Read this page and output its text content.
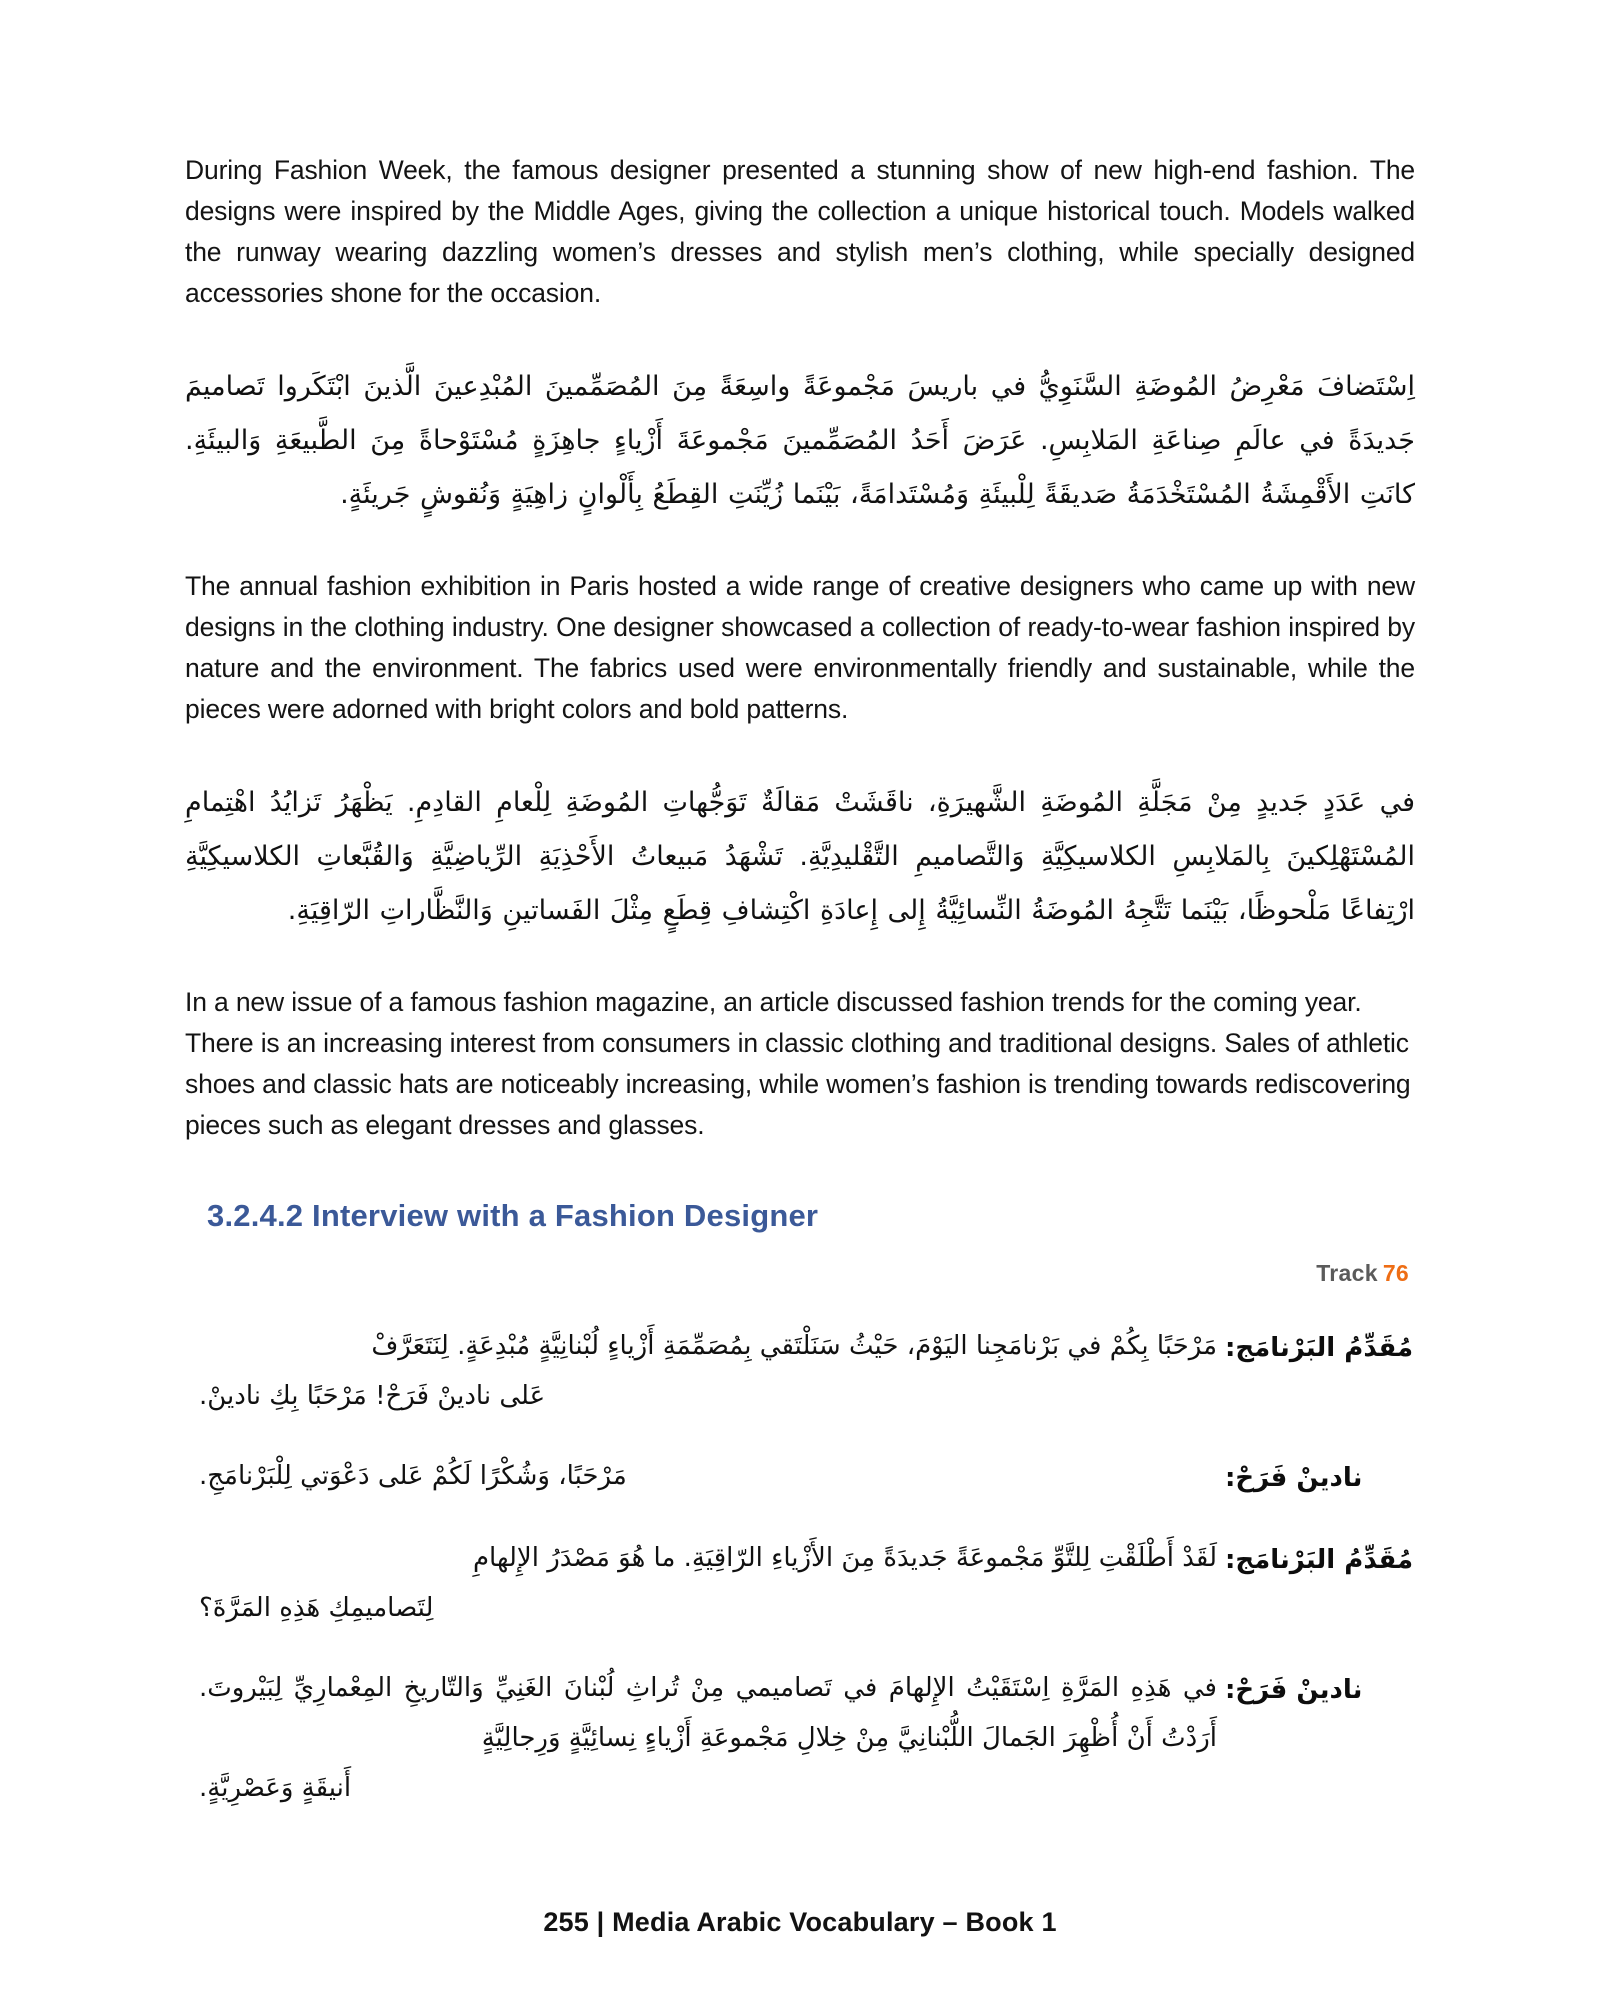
During Fashion Week, the famous designer presented a stunning show of new high-end fashion. The designs were inspired by the Middle Ages, giving the collection a unique historical touch. Models walked the runway wearing dazzling women’s dresses and stylish men’s clothing, while specially designed accessories shone for the occasion.

اِسْتَضافَ مَعْرِضُ المُوضَةِ السَّنَوِيُّ في باريسَ مَجْموعَةً واسِعَةً مِنَ المُصَمِّمينَ المُبْدِعينَ الَّذينَ ابْتَكَروا تَصاميمَ جَديدَةً في عالَمِ صِناعَةِ المَلابِسِ. عَرَضَ أَحَدُ المُصَمِّمينَ مَجْموعَةَ أَزْياءٍ جاهِزَةٍ مُسْتَوْحاةً مِنَ الطَّبيعَةِ وَالبيئَةِ. كانَتِ الأَقْمِشَةُ المُسْتَخْدَمَةُ صَديقَةً لِلْبيئَةِ وَمُسْتَدامَةً، بَيْنَما زُيِّنَتِ القِطَعُ بِأَلْوانٍ زاهِيَةٍ وَنُقوشٍ جَريئَةٍ.

The annual fashion exhibition in Paris hosted a wide range of creative designers who came up with new designs in the clothing industry. One designer showcased a collection of ready-to-wear fashion inspired by nature and the environment. The fabrics used were environmentally friendly and sustainable, while the pieces were adorned with bright colors and bold patterns.

في عَدَدٍ جَديدٍ مِنْ مَجَلَّةِ المُوضَةِ الشَّهيرَةِ، ناقَشَتْ مَقالَةٌ تَوَجُّهاتِ المُوضَةِ لِلْعامِ القادِمِ. يَظْهَرُ تَزايُدُ اهْتِمامِ المُسْتَهْلِكينَ بِالمَلابِسِ الكلاسيكِيَّةِ وَالتَّصاميمِ التَّقْليدِيَّةِ. تَشْهَدُ مَبيعاتُ الأَحْذِيَةِ الرِّياضِيَّةِ وَالقُبَّعاتِ الكلاسيكِيَّةِ ارْتِفاعًا مَلْحوظًا، بَيْنَما تَتَّجِهُ المُوضَةُ النِّسائِيَّةُ إِلى إِعادَةِ اكْتِشافِ قِطَعٍ مِثْلَ الفَساتينِ وَالنَّظَّاراتِ الرّاقِيَةِ.

In a new issue of a famous fashion magazine, an article discussed fashion trends for the coming year. There is an increasing interest from consumers in classic clothing and traditional designs. Sales of athletic shoes and classic hats are noticeably increasing, while women’s fashion is trending towards rediscovering pieces such as elegant dresses and glasses.

3.2.4.2 Interview with a Fashion Designer
Track 76
مُقَدِّمُ البَرْنامَج:
مَرْحَبًا بِكُمْ في بَرْنامَجِنا اليَوْمَ، حَيْثُ سَنَلْتَقي بِمُصَمِّمَةِ أَزْياءٍ لُبْنانِيَّةٍ مُبْدِعَةٍ. لِنَتَعَرَّفْ
عَلى نادينْ فَرَحْ! مَرْحَبًا بِكِ نادينْ.
نادينْ فَرَحْ:
مَرْحَبًا، وَشُكْرًا لَكُمْ عَلى دَعْوَتي لِلْبَرْنامَجِ.
مُقَدِّمُ البَرْنامَج:
لَقَدْ أَطْلَقْتِ لِلتَّوِّ مَجْموعَةً جَديدَةً مِنَ الأَزْياءِ الرّاقِيَةِ. ما هُوَ مَصْدَرُ الإِلهامِ
لِتَصاميمِكِ هَذِهِ المَرَّةَ؟
نادينْ فَرَحْ:
في هَذِهِ المَرَّةِ اِسْتَقَيْتُ الإِلهامَ في تَصاميمي مِنْ تُراثِ لُبْنانَ الغَنِيِّ وَالتّاريخِ المِعْمارِيِّ لِبَيْروتَ. أَرَدْتُ أَنْ أُظْهِرَ الجَمالَ اللُّبْنانِيَّ مِنْ خِلالِ مَجْموعَةِ أَزْياءٍ نِسائِيَّةٍ وَرِجالِيَّةٍ
أَنيقَةٍ وَعَصْرِيَّةٍ.
255 | Media Arabic Vocabulary – Book 1
